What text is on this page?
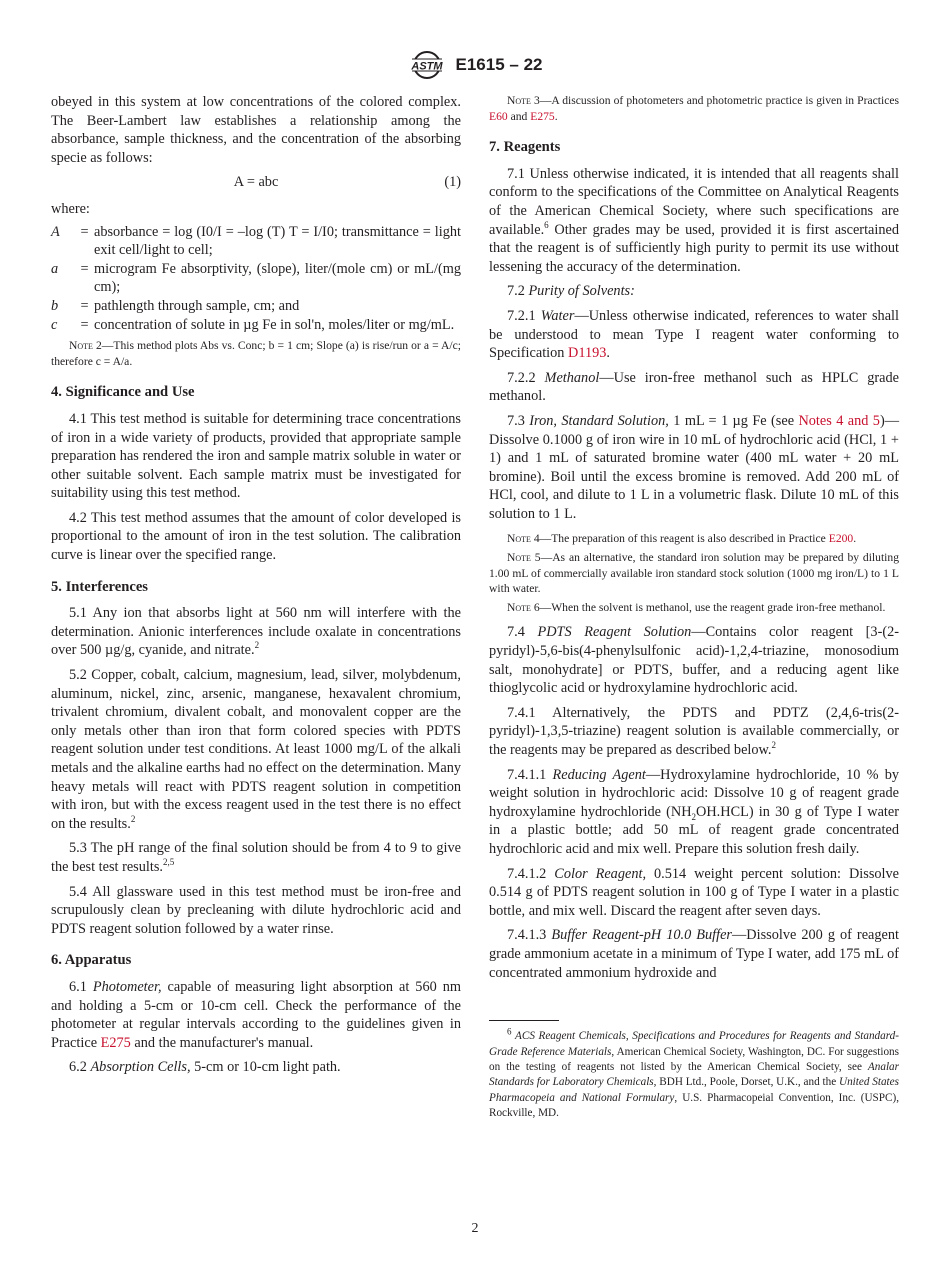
ASTM E1615 – 22

obeyed in this system at low concentrations of the colored complex. The Beer-Lambert law establishes a relationship among the absorbance, sample thickness, and the concentration of the absorbing specie as follows:

A = abc	(1)

where:

A	= absorbance = log (I0/I = –log (T) T = I/I0; transmittance = light exit cell/light to cell;
a	= microgram Fe absorptivity, (slope), liter/(mole cm) or mL/(mg cm);
b	= pathlength through sample, cm; and
c	= concentration of solute in µg Fe in sol'n, moles/liter or mg/mL.

Note 2—This method plots Abs vs. Conc; b = 1 cm; Slope (a) is rise/run or a = A/c; therefore c = A/a.

4. Significance and Use

4.1 This test method is suitable for determining trace concentrations of iron in a wide variety of products, provided that appropriate sample preparation has rendered the iron and sample matrix soluble in water or other suitable solvent. Each sample matrix must be investigated for suitability using this test method.

4.2 This test method assumes that the amount of color developed is proportional to the amount of iron in the test solution. The calibration curve is linear over the specified range.

5. Interferences

5.1 Any ion that absorbs light at 560 nm will interfere with the determination. Anionic interferences include oxalate in concentrations over 500 µg/g, cyanide, and nitrate.$^2$

5.2 Copper, cobalt, calcium, magnesium, lead, silver, molybdenum, aluminum, nickel, zinc, arsenic, manganese, hexavalent chromium, trivalent chromium, divalent cobalt, and monovalent copper are the only metals other than iron that form colored species with PDTS reagent solution under test conditions. At least 1000 mg/L of the alkali metals and the alkaline earths had no effect on the determination. Many heavy metals will react with PDTS reagent solution in competition with iron, but with the excess reagent used in the test there is no effect on the results.$^2$

5.3 The pH range of the final solution should be from 4 to 9 to give the best test results.$^{2,5}$

5.4 All glassware used in this test method must be iron-free and scrupulously clean by precleaning with dilute hydrochloric acid and PDTS reagent solution followed by a water rinse.

6. Apparatus

6.1 Photometer, capable of measuring light absorption at 560 nm and holding a 5-cm or 10-cm cell. Check the performance of the photometer at regular intervals according to the guidelines given in Practice E275 and the manufacturer's manual.

6.2 Absorption Cells, 5-cm or 10-cm light path.

Note 3—A discussion of photometers and photometric practice is given in Practices E60 and E275.

7. Reagents

7.1 Unless otherwise indicated, it is intended that all reagents shall conform to the specifications of the Committee on Analytical Reagents of the American Chemical Society, where such specifications are available.$^6$ Other grades may be used, provided it is first ascertained that the reagent is of sufficiently high purity to permit its use without lessening the accuracy of the determination.

7.2 Purity of Solvents:

7.2.1 Water—Unless otherwise indicated, references to water shall be understood to mean Type I reagent water conforming to Specification D1193.

7.2.2 Methanol—Use iron-free methanol such as HPLC grade methanol.

7.3 Iron, Standard Solution, 1 mL = 1 µg Fe (see Notes 4 and 5)—Dissolve 0.1000 g of iron wire in 10 mL of hydrochloric acid (HCl, 1 + 1) and 1 mL of saturated bromine water (400 mL water + 20 mL bromine). Boil until the excess bromine is removed. Add 200 mL of HCl, cool, and dilute to 1 L in a volumetric flask. Dilute 10 mL of this solution to 1 L.

Note 4—The preparation of this reagent is also described in Practice E200.

Note 5—As an alternative, the standard iron solution may be prepared by diluting 1.00 mL of commercially available iron standard stock solution (1000 mg iron/L) to 1 L with water.

Note 6—When the solvent is methanol, use the reagent grade iron-free methanol.

7.4 PDTS Reagent Solution—Contains color reagent [3-(2-pyridyl)-5,6-bis(4-phenylsulfonic acid)-1,2,4-triazine, monosodium salt, monohydrate] or PDTS, buffer, and a reducing agent like thioglycolic acid or hydroxylamine hydrochloric acid.

7.4.1 Alternatively, the PDTS and PDTZ (2,4,6-tris(2-pyridyl)-1,3,5-triazine) reagent solution is available commercially, or the reagents may be prepared as described below.$^2$

7.4.1.1 Reducing Agent—Hydroxylamine hydrochloride, 10 % by weight solution in hydrochloric acid: Dissolve 10 g of reagent grade hydroxylamine hydrochloride $(NH_2OH.HCL)$ in 30 g of Type I water in a plastic bottle; add 50 mL of reagent grade concentrated hydrochloric acid and mix well. Prepare this solution fresh daily.

7.4.1.2 Color Reagent, 0.514 weight percent solution: Dissolve 0.514 g of PDTS reagent solution in 100 g of Type I water in a plastic bottle, and mix well. Discard the reagent after seven days.

7.4.1.3 Buffer Reagent-pH 10.0 Buffer—Dissolve 200 g of reagent grade ammonium acetate in a minimum of Type I water, add 175 mL of concentrated ammonium hydroxide and

$^6$ ACS Reagent Chemicals, Specifications and Procedures for Reagents and Standard-Grade Reference Materials, American Chemical Society, Washington, DC. For suggestions on the testing of reagents not listed by the American Chemical Society, see Analar Standards for Laboratory Chemicals, BDH Ltd., Poole, Dorset, U.K., and the United States Pharmacopeia and National Formulary, U.S. Pharmacopeial Convention, Inc. (USPC), Rockville, MD.

2
